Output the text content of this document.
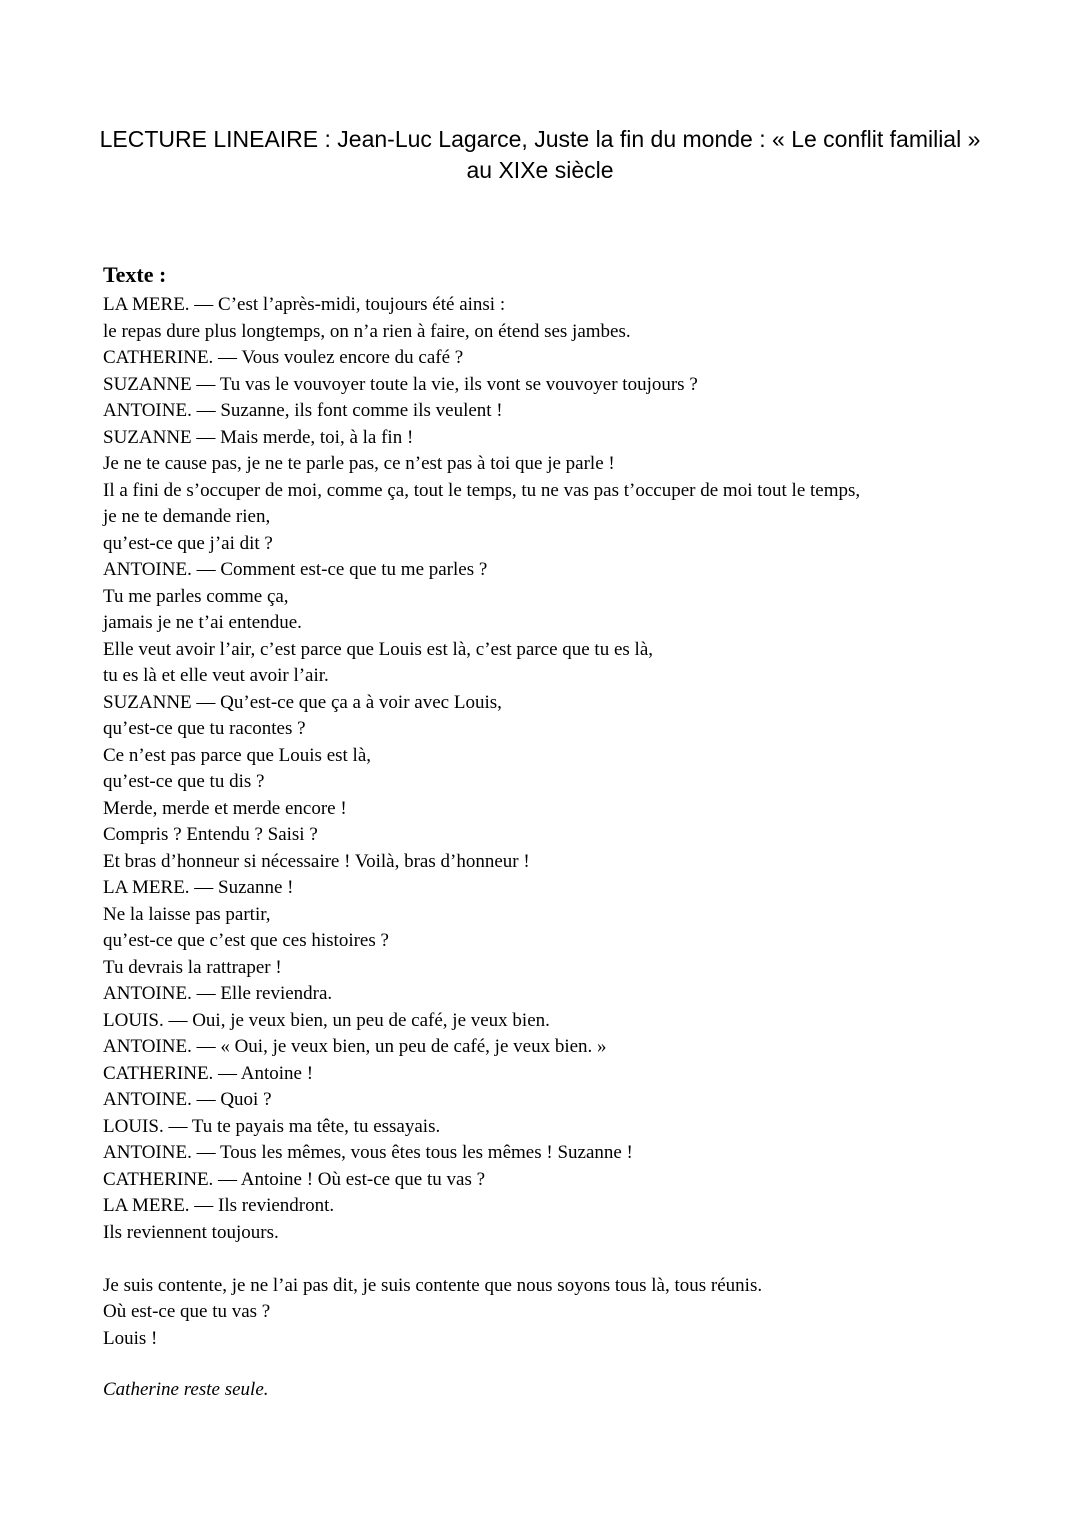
LECTURE LINEAIRE : Jean-Luc Lagarce, Juste la fin du monde : « Le conflit familial » au XIXe siècle
Texte :
LA MERE. — C’est l’après-midi, toujours été ainsi :
le repas dure plus longtemps, on n’a rien à faire, on étend ses jambes.
CATHERINE. — Vous voulez encore du café ?
SUZANNE — Tu vas le vouvoyer toute la vie, ils vont se vouvoyer toujours ?
ANTOINE. — Suzanne, ils font comme ils veulent !
SUZANNE — Mais merde, toi, à la fin !
Je ne te cause pas, je ne te parle pas, ce n’est pas à toi que je parle !
Il a fini de s’occuper de moi, comme ça, tout le temps, tu ne vas pas t’occuper de moi tout le temps,
je ne te demande rien,
qu’est-ce que j’ai dit ?
ANTOINE. — Comment est-ce que tu me parles ?
Tu me parles comme ça,
jamais je ne t’ai entendue.
Elle veut avoir l’air, c’est parce que Louis est là, c’est parce que tu es là,
tu es là et elle veut avoir l’air.
SUZANNE — Qu’est-ce que ça a à voir avec Louis,
qu’est-ce que tu racontes ?
Ce n’est pas parce que Louis est là,
qu’est-ce que tu dis ?
Merde, merde et merde encore !
Compris ? Entendu ? Saisi ?
Et bras d’honneur si nécessaire ! Voilà, bras d’honneur !
LA MERE. — Suzanne !
Ne la laisse pas partir,
qu’est-ce que c’est que ces histoires ?
Tu devrais la rattraper !
ANTOINE. — Elle reviendra.
LOUIS. — Oui, je veux bien, un peu de café, je veux bien.
ANTOINE. — « Oui, je veux bien, un peu de café, je veux bien. »
CATHERINE. — Antoine !
ANTOINE. — Quoi ?
LOUIS. — Tu te payais ma tête, tu essayais.
ANTOINE. — Tous les mêmes, vous êtes tous les mêmes ! Suzanne !
CATHERINE. — Antoine ! Où est-ce que tu vas ?
LA MERE. — Ils reviendront.
Ils reviennent toujours.
Je suis contente, je ne l’ai pas dit, je suis contente que nous soyons tous là, tous réunis.
Où est-ce que tu vas ?
Louis !

Catherine reste seule.
